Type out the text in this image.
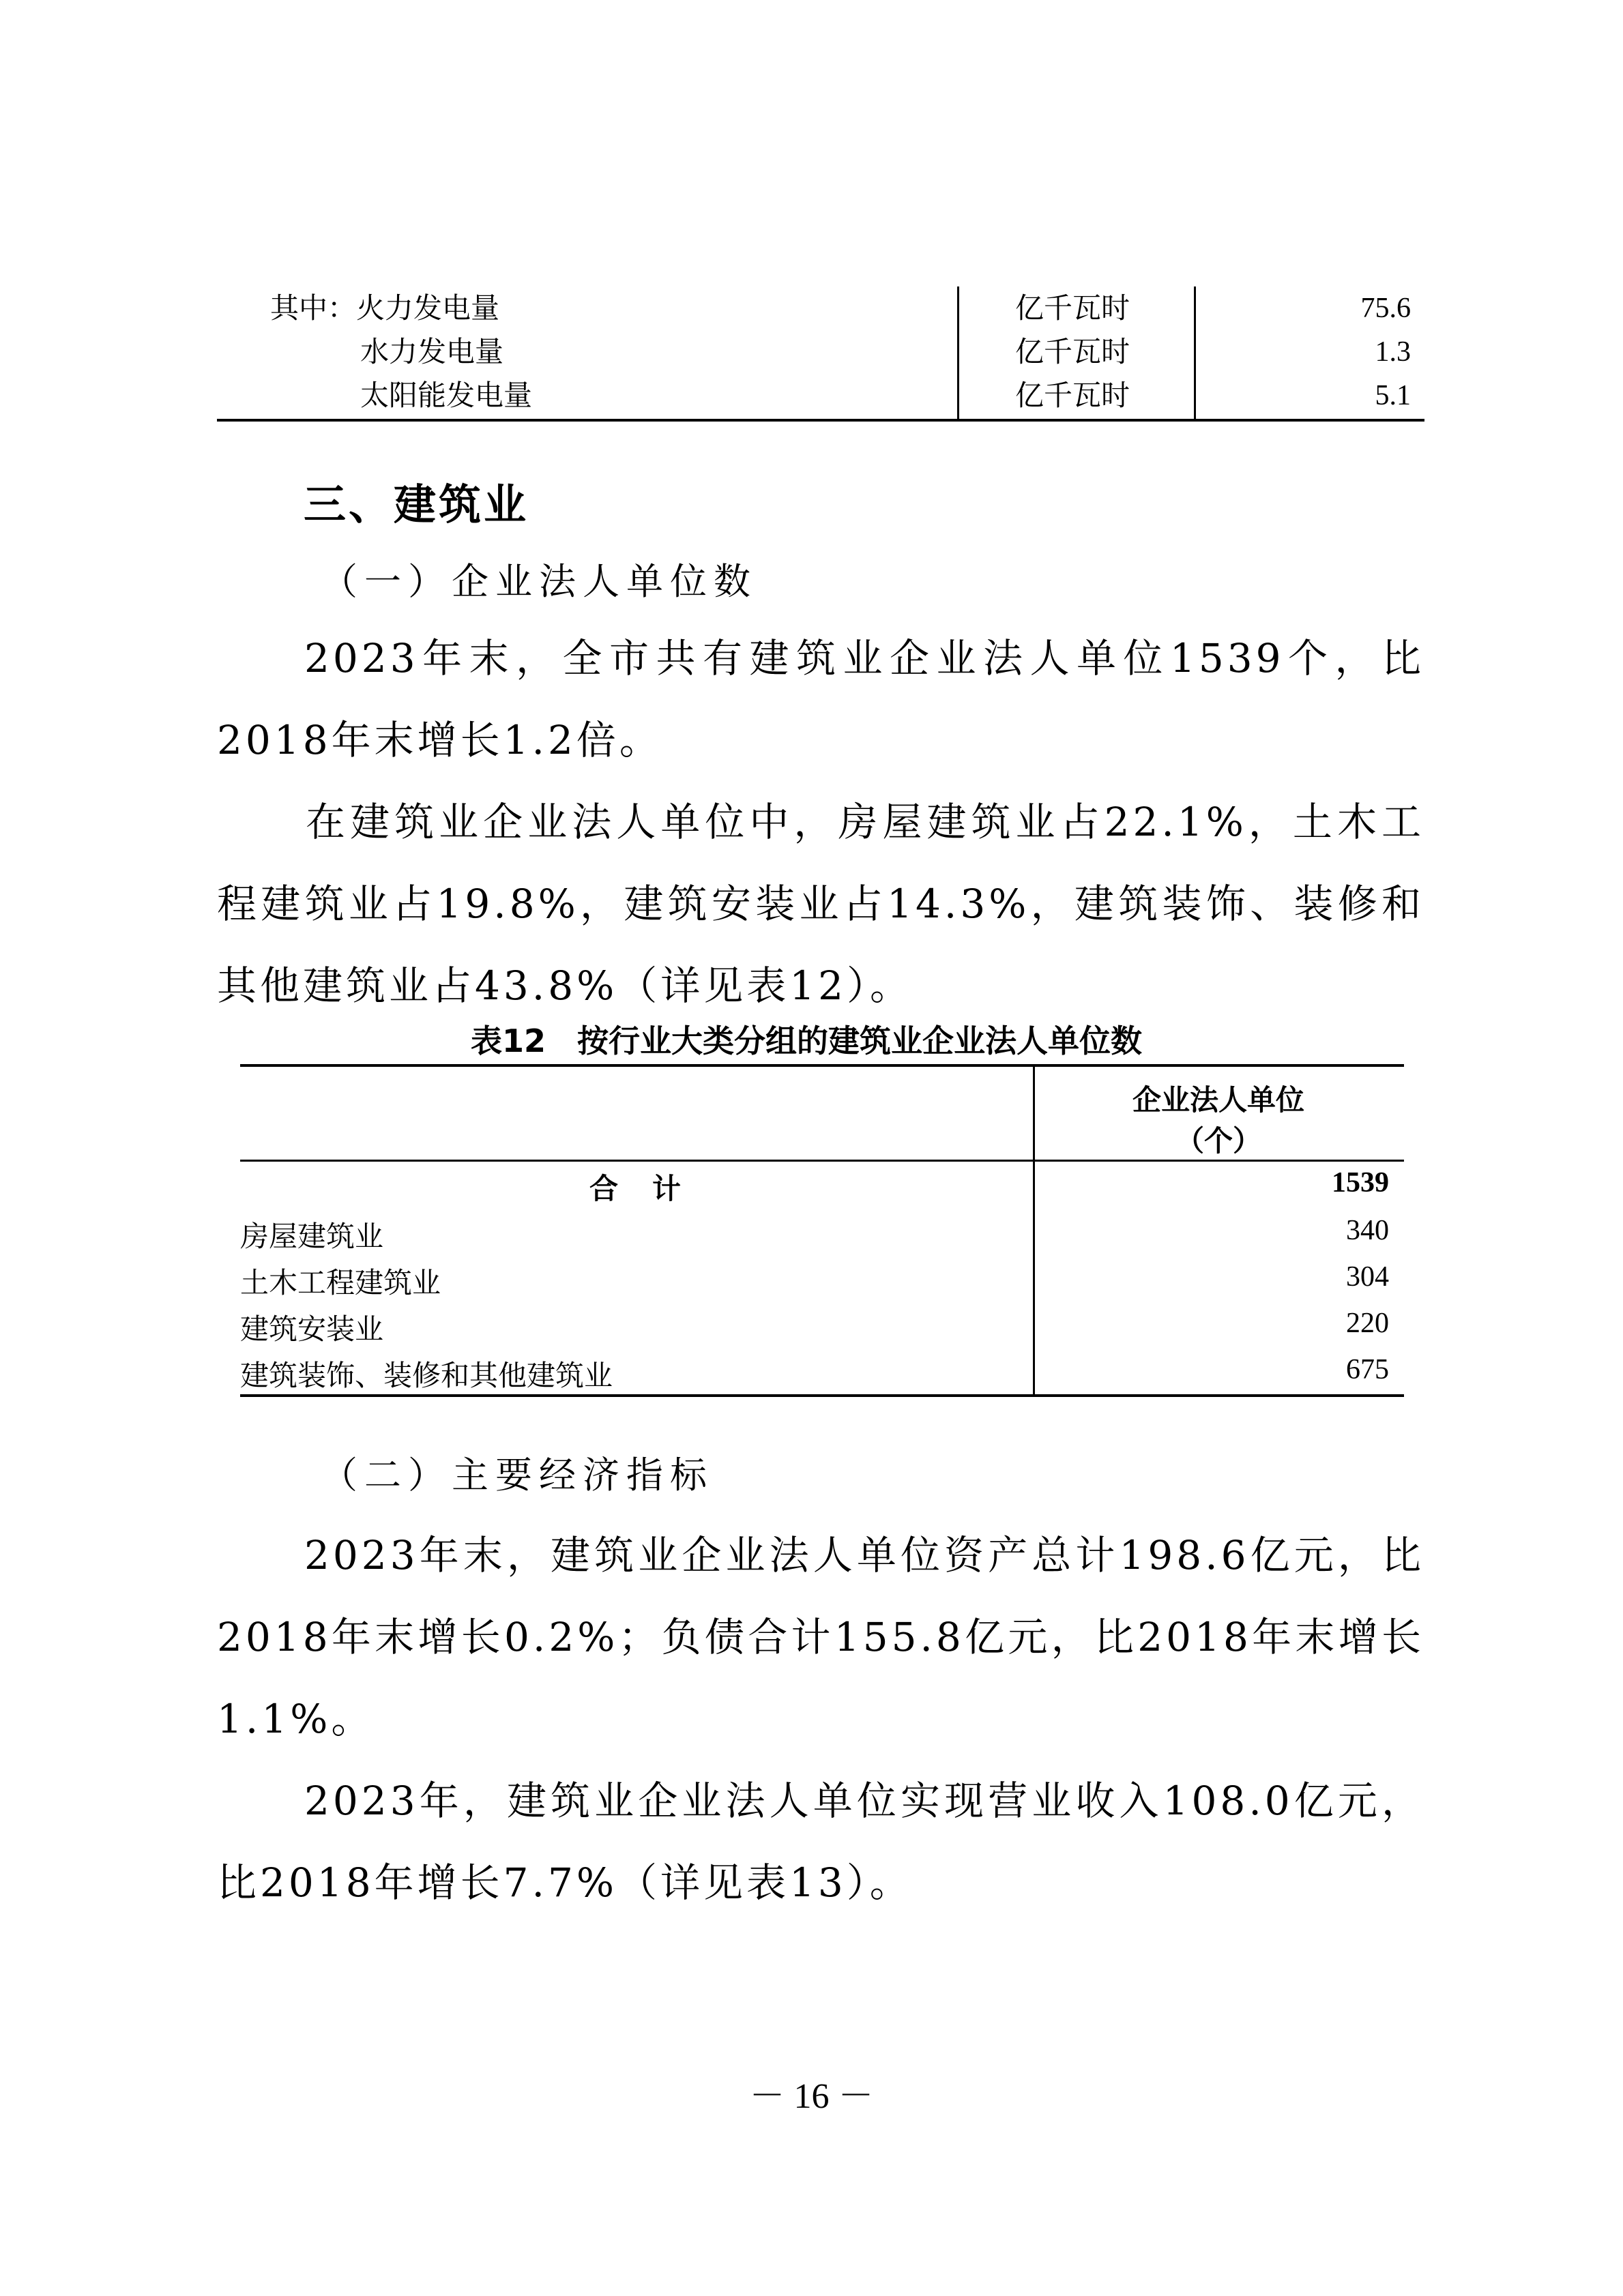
其中：火力发电量	亿千瓦时	75.6
水力发电量	亿千瓦时	1.3
太阳能发电量	亿千瓦时	5.1
三、建筑业
（一）企业法人单位数
2023年末，全市共有建筑业企业法人单位1539个，比2018年末增长1.2倍。
在建筑业企业法人单位中，房屋建筑业占22.1%，土木工程建筑业占19.8%，建筑安装业占14.3%，建筑装饰、装修和其他建筑业占43.8%（详见表12）。
表12　按行业大类分组的建筑业企业法人单位数
企业法人单位
（个）
合　计	1539
房屋建筑业	340
土木工程建筑业	304
建筑安装业	220
建筑装饰、装修和其他建筑业	675
（二）主要经济指标
2023年末，建筑业企业法人单位资产总计198.6亿元，比2018年末增长0.2%；负债合计155.8亿元，比2018年末增长1.1%。
2023年，建筑业企业法人单位实现营业收入108.0亿元，比2018年增长7.7%（详见表13）。
－ 16 －
